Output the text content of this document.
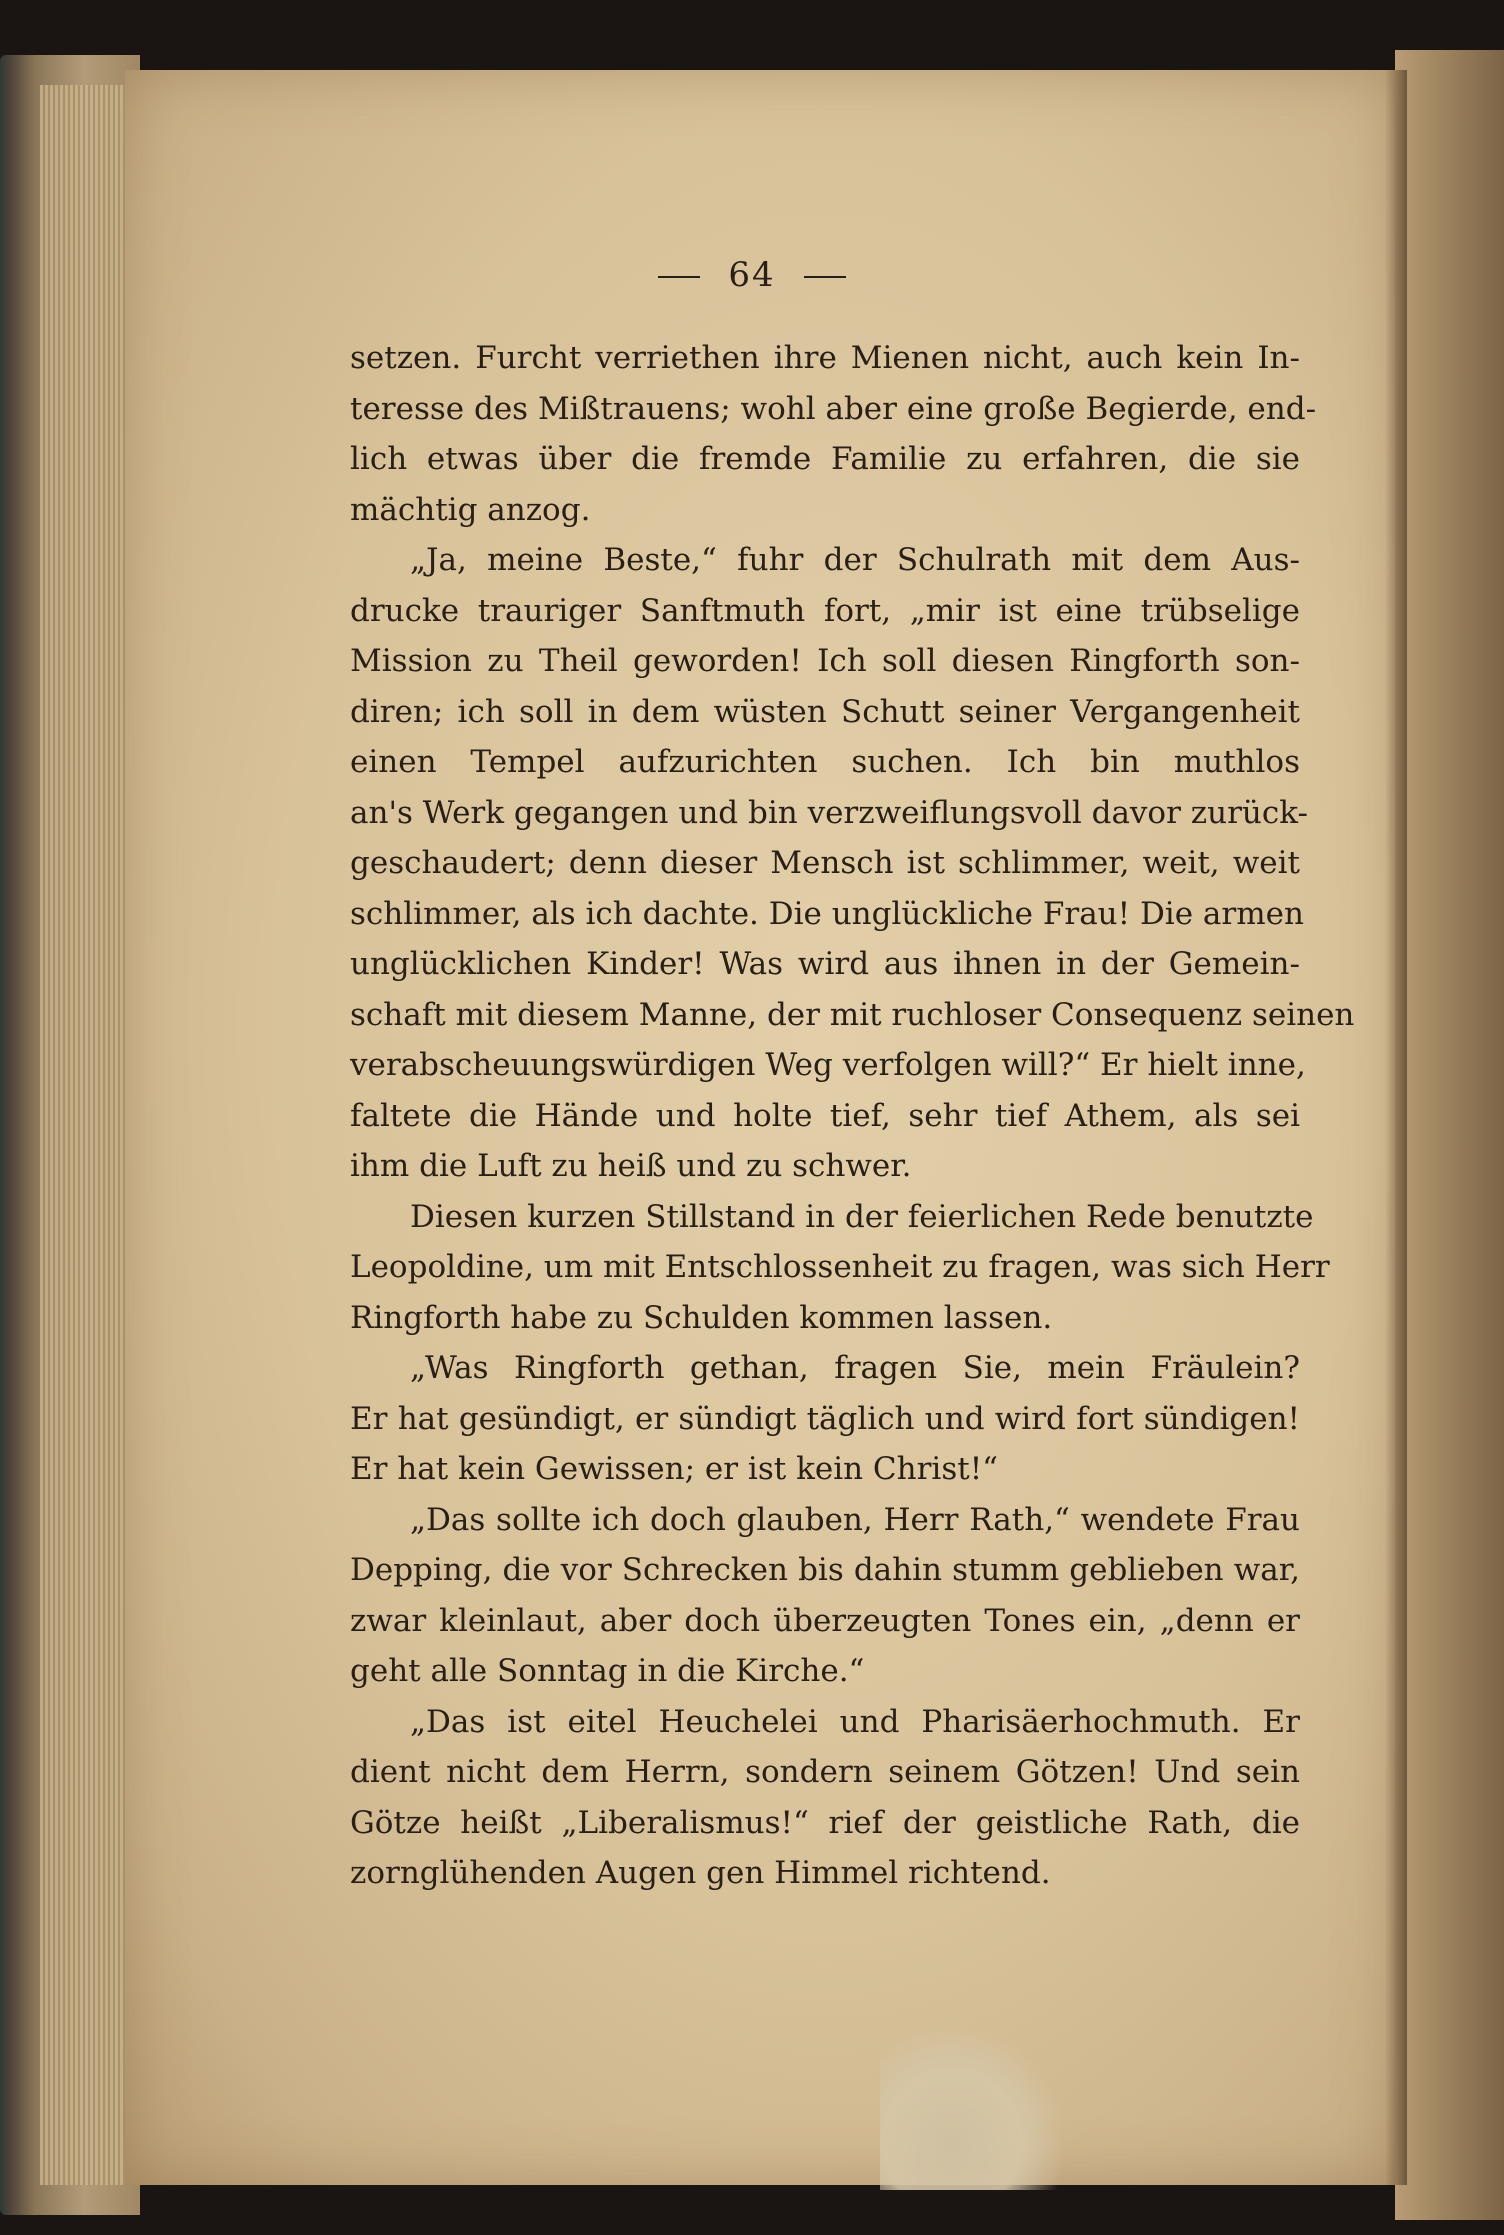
64
setzen. Furcht verriethen ihre Mienen nicht, auch kein In-
teresse des Mißtrauens; wohl aber eine große Begierde, end-
lich etwas über die fremde Familie zu erfahren, die sie
mächtig anzog.
„Ja, meine Beste,“ fuhr der Schulrath mit dem Aus-
drucke trauriger Sanftmuth fort, „mir ist eine trübselige
Mission zu Theil geworden! Ich soll diesen Ringforth son-
diren; ich soll in dem wüsten Schutt seiner Vergangenheit
einen Tempel aufzurichten suchen. Ich bin muthlos
an's Werk gegangen und bin verzweiflungsvoll davor zurück-
geschaudert; denn dieser Mensch ist schlimmer, weit, weit
schlimmer, als ich dachte. Die unglückliche Frau! Die armen
unglücklichen Kinder! Was wird aus ihnen in der Gemein-
schaft mit diesem Manne, der mit ruchloser Consequenz seinen
verabscheuungswürdigen Weg verfolgen will?“ Er hielt inne,
faltete die Hände und holte tief, sehr tief Athem, als sei
ihm die Luft zu heiß und zu schwer.
Diesen kurzen Stillstand in der feierlichen Rede benutzte
Leopoldine, um mit Entschlossenheit zu fragen, was sich Herr
Ringforth habe zu Schulden kommen lassen.
„Was Ringforth gethan, fragen Sie, mein Fräulein?
Er hat gesündigt, er sündigt täglich und wird fort sündigen!
Er hat kein Gewissen; er ist kein Christ!“
„Das sollte ich doch glauben, Herr Rath,“ wendete Frau
Depping, die vor Schrecken bis dahin stumm geblieben war,
zwar kleinlaut, aber doch überzeugten Tones ein, „denn er
geht alle Sonntag in die Kirche.“
„Das ist eitel Heuchelei und Pharisäerhochmuth. Er
dient nicht dem Herrn, sondern seinem Götzen! Und sein
Götze heißt „Liberalismus!“ rief der geistliche Rath, die
zornglühenden Augen gen Himmel richtend.
